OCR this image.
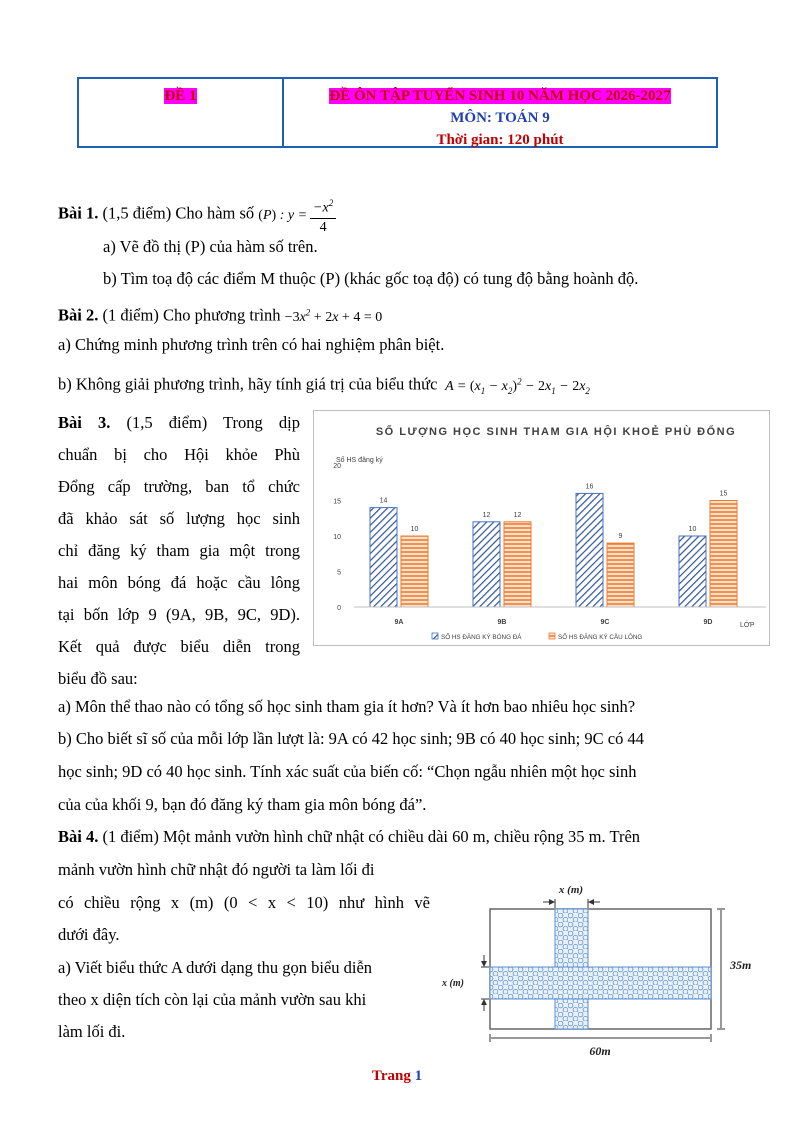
ĐỀ 1	ĐỀ ÔN TẬP TUYỂN SINH 10 NĂM HỌC 2026-2027
MÔN: TOÁN 9
Thời gian: 120 phút
Bài 1. (1,5 điểm) Cho hàm số (P) : $y = \frac{-x^2}{4}$
a) Vẽ đồ thị (P) của hàm số trên.
b) Tìm toạ độ các điểm M thuộc (P) (khác gốc toạ độ) có tung độ bằng hoành độ.
Bài 2. (1 điểm) Cho phương trình $-3x^2 + 2x + 4 = 0$
a) Chứng minh phương trình trên có hai nghiệm phân biệt.
b) Không giải phương trình, hãy tính giá trị của biểu thức  $A = (x_1 - x_2)^2 - 2x_1 - 2x_2$
Bài 3. (1,5 điểm) Trong dịp
chuẩn bị cho Hội khỏe Phù
Đổng cấp trường, ban tổ chức
đã khảo sát số lượng học sinh
chỉ đăng ký tham gia một trong
hai môn bóng đá hoặc cầu lông
tại bốn lớp 9 (9A, 9B, 9C, 9D).
Kết quả được biểu diễn trong
biểu đồ sau:
SỐ LƯỢNG HỌC SINH THAM GIA HỘI KHOẺ PHÙ ĐỔNG
Số HS đăng ký
0
5
10
15
20
14
10
12	12
16
9
10
15
9A	9B	9C	9D	LỚP
SỐ HS ĐĂNG KÝ BÓNG ĐÁ	SỐ HS ĐĂNG KÝ CẦU LÔNG
a) Môn thể thao nào có tổng số học sinh tham gia ít hơn? Và ít hơn bao nhiêu học sinh?
b) Cho biết sĩ số của mỗi lớp lần lượt là: 9A có 42 học sinh; 9B có 40 học sinh; 9C có 44
học sinh; 9D có 40 học sinh. Tính xác suất của biến cố: “Chọn ngẫu nhiên một học sinh
của của khối 9, bạn đó đăng ký tham gia môn bóng đá”.
Bài 4. (1 điểm) Một mảnh vườn hình chữ nhật có chiều dài 60 m, chiều rộng 35 m. Trên
mảnh vườn hình chữ nhật đó người ta làm lối đi
có chiều rộng x (m) (0 < x < 10) như hình vẽ
dưới đây.
a) Viết biểu thức A dưới dạng thu gọn biểu diễn
theo x diện tích còn lại của mảnh vườn sau khi
làm lối đi.
x (m)
x (m)
35m
60m
Trang 1
